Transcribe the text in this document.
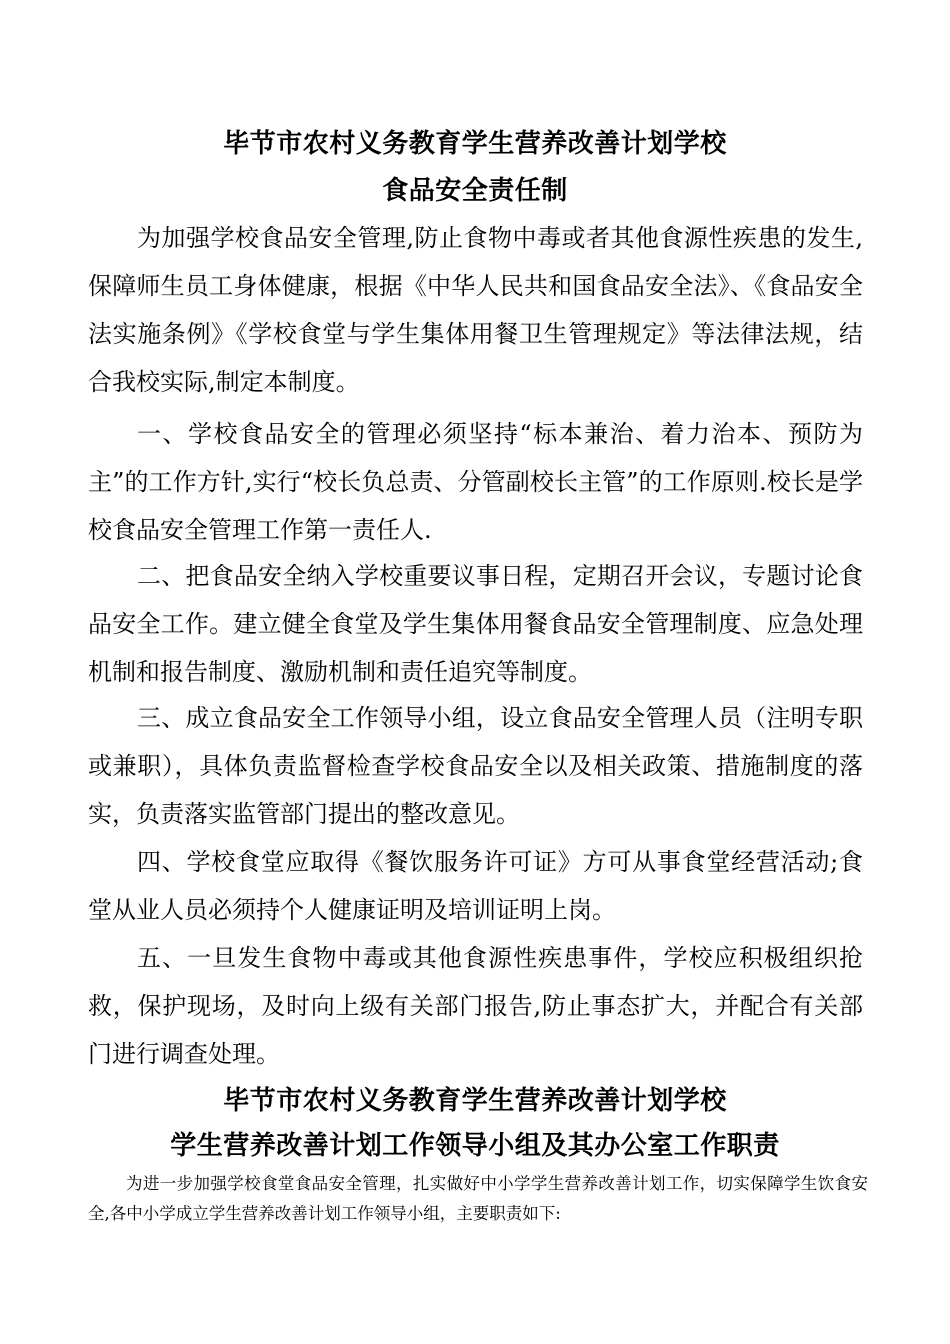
毕节市农村义务教育学生营养改善计划学校
食品安全责任制

为加强学校食品安全管理,防止食物中毒或者其他食源性疾患的发生,保障师生员工身体健康，根据《中华人民共和国食品安全法》、《食品安全法实施条例》《学校食堂与学生集体用餐卫生管理规定》等法律法规，结合我校实际,制定本制度。

一、学校食品安全的管理必须坚持“标本兼治、着力治本、预防为主”的工作方针,实行“校长负总责、分管副校长主管”的工作原则.校长是学校食品安全管理工作第一责任人.

二、把食品安全纳入学校重要议事日程，定期召开会议，专题讨论食品安全工作。建立健全食堂及学生集体用餐食品安全管理制度、应急处理机制和报告制度、激励机制和责任追究等制度。

三、成立食品安全工作领导小组，设立食品安全管理人员（注明专职或兼职），具体负责监督检查学校食品安全以及相关政策、措施制度的落实，负责落实监管部门提出的整改意见。

四、学校食堂应取得《餐饮服务许可证》方可从事食堂经营活动;食堂从业人员必须持个人健康证明及培训证明上岗。

五、一旦发生食物中毒或其他食源性疾患事件，学校应积极组织抢救，保护现场，及时向上级有关部门报告,防止事态扩大，并配合有关部门进行调查处理。

毕节市农村义务教育学生营养改善计划学校
学生营养改善计划工作领导小组及其办公室工作职责

为进一步加强学校食堂食品安全管理，扎实做好中小学学生营养改善计划工作，切实保障学生饮食安全,各中小学成立学生营养改善计划工作领导小组，主要职责如下:
